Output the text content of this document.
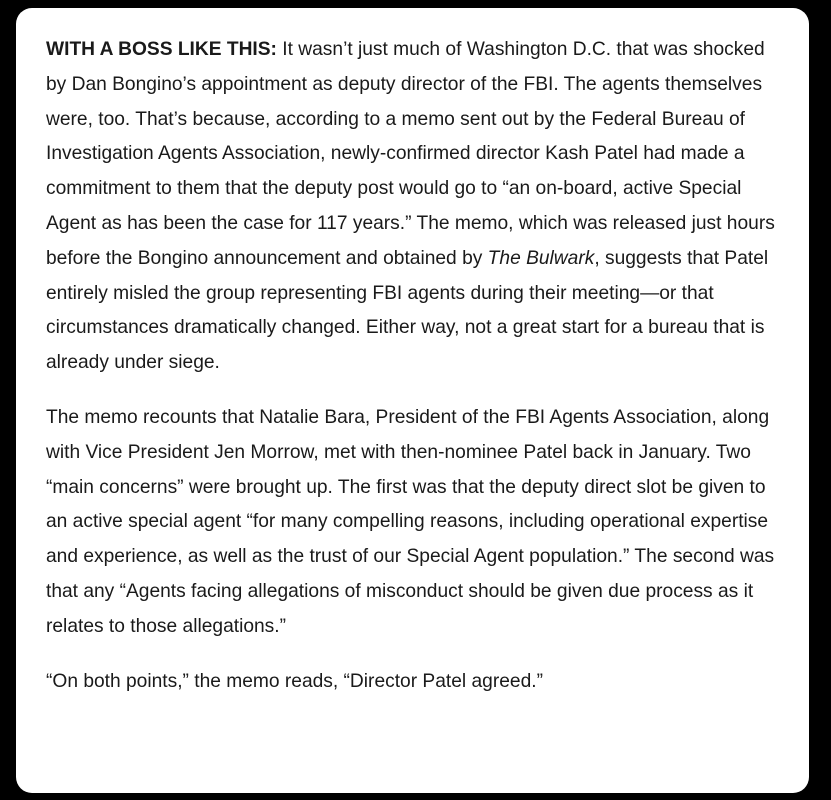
WITH A BOSS LIKE THIS: It wasn’t just much of Washington D.C. that was shocked by Dan Bongino’s appointment as deputy director of the FBI. The agents themselves were, too. That’s because, according to a memo sent out by the Federal Bureau of Investigation Agents Association, newly-confirmed director Kash Patel had made a commitment to them that the deputy post would go to “an on-board, active Special Agent as has been the case for 117 years.” The memo, which was released just hours before the Bongino announcement and obtained by The Bulwark, suggests that Patel entirely misled the group representing FBI agents during their meeting—or that circumstances dramatically changed. Either way, not a great start for a bureau that is already under siege.

The memo recounts that Natalie Bara, President of the FBI Agents Association, along with Vice President Jen Morrow, met with then-nominee Patel back in January. Two “main concerns” were brought up. The first was that the deputy direct slot be given to an active special agent “for many compelling reasons, including operational expertise and experience, as well as the trust of our Special Agent population.” The second was that any “Agents facing allegations of misconduct should be given due process as it relates to those allegations.”

“On both points,” the memo reads, “Director Patel agreed.”
